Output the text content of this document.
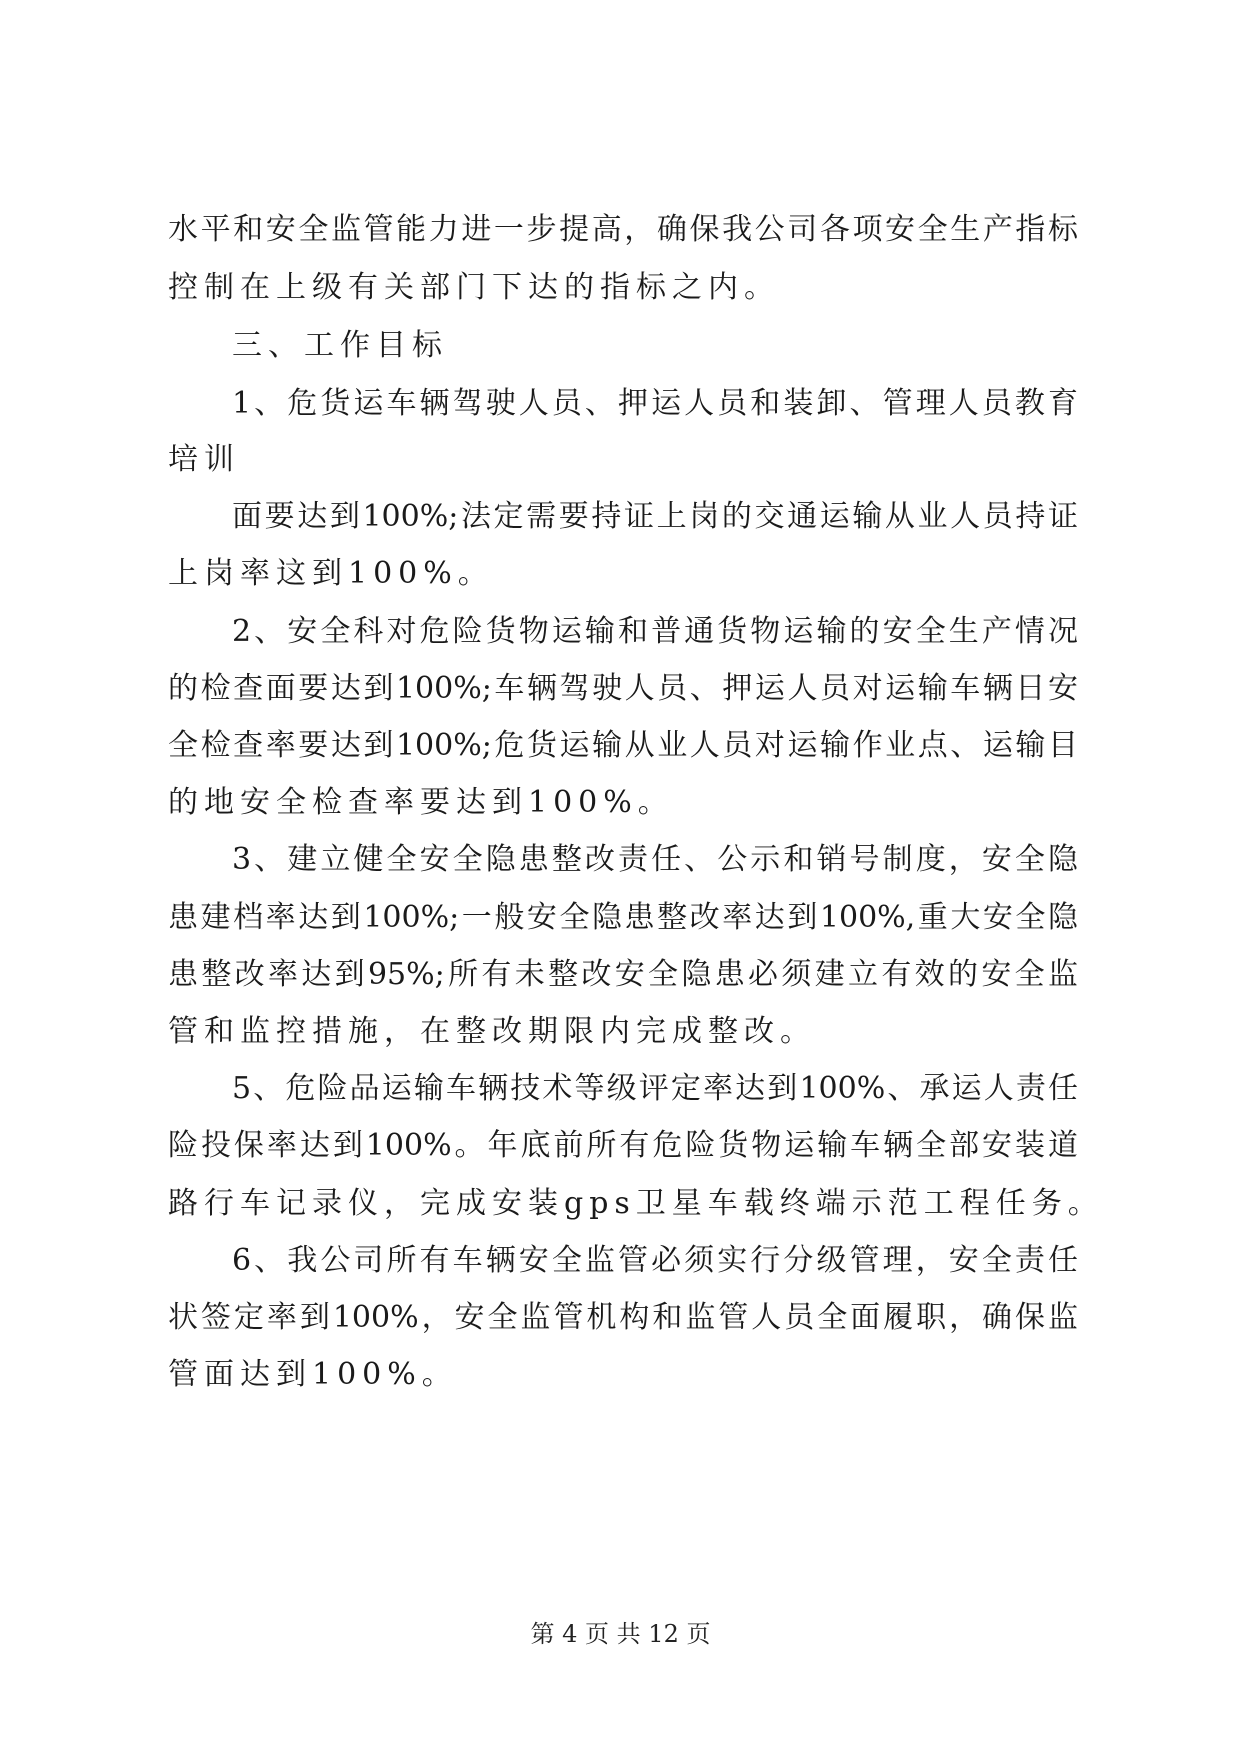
水平和安全监管能力进一步提高，确保我公司各项安全生产指标
控制在上级有关部门下达的指标之内。
三、工作目标
1、危货运车辆驾驶人员、押运人员和装卸、管理人员教育
培训
面要达到100%;法定需要持证上岗的交通运输从业人员持证
上岗率这到100%。
2、安全科对危险货物运输和普通货物运输的安全生产情况
的检查面要达到100%;车辆驾驶人员、押运人员对运输车辆日安
全检查率要达到100%;危货运输从业人员对运输作业点、运输目
的地安全检查率要达到100%。
3、建立健全安全隐患整改责任、公示和销号制度，安全隐
患建档率达到100%;一般安全隐患整改率达到100%,重大安全隐
患整改率达到95%;所有未整改安全隐患必须建立有效的安全监
管和监控措施，在整改期限内完成整改。
5、危险品运输车辆技术等级评定率达到100%、承运人责任
险投保率达到100%。年底前所有危险货物运输车辆全部安装道
路行车记录仪，完成安装gps卫星车载终端示范工程任务。
6、我公司所有车辆安全监管必须实行分级管理，安全责任
状签定率到100%，安全监管机构和监管人员全面履职，确保监
管面达到100%。
第 4 页 共 12 页
